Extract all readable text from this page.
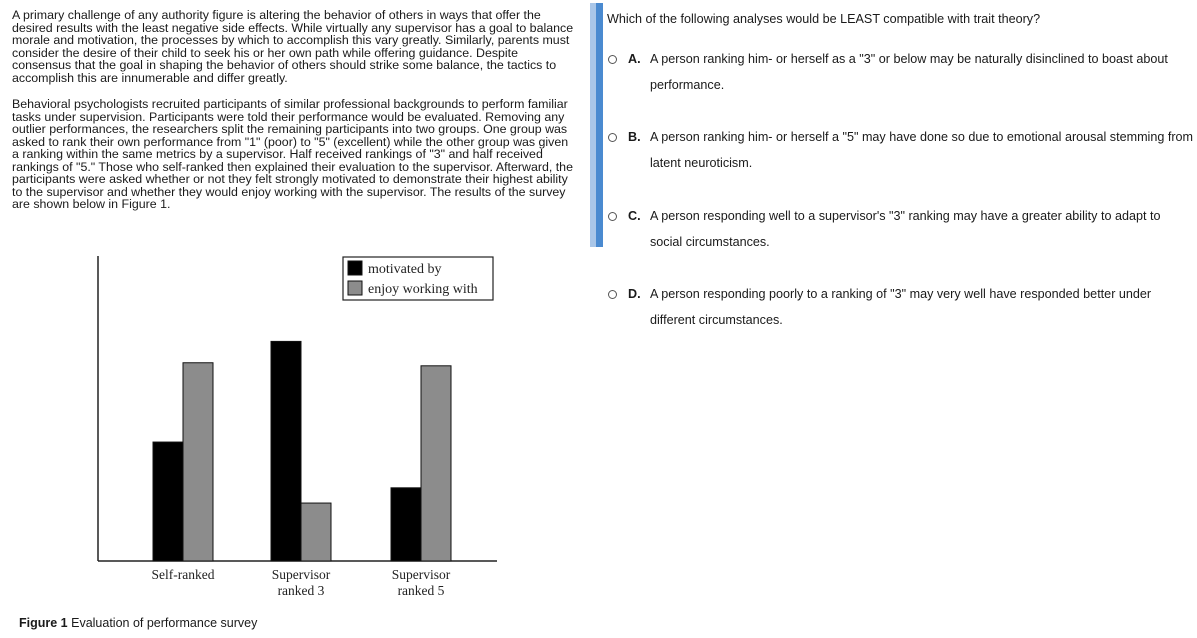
A primary challenge of any authority figure is altering the behavior of others in ways that offer the desired results with the least negative side effects. While virtually any supervisor has a goal to balance morale and motivation, the processes by which to accomplish this vary greatly. Similarly, parents must consider the desire of their child to seek his or her own path while offering guidance. Despite consensus that the goal in shaping the behavior of others should strike some balance, the tactics to accomplish this are innumerable and differ greatly.

Behavioral psychologists recruited participants of similar professional backgrounds to perform familiar tasks under supervision. Participants were told their performance would be evaluated. Removing any outlier performances, the researchers split the remaining participants into two groups. One group was asked to rank their own performance from "1" (poor) to "5" (excellent) while the other group was given a ranking within the same metrics by a supervisor. Half received rankings of "3" and half received rankings of "5." Those who self-ranked then explained their evaluation to the supervisor. Afterward, the participants were asked whether or not they felt strongly motivated to demonstrate their highest ability to the supervisor and whether they would enjoy working with the supervisor. The results of the survey are shown below in Figure 1.

Self-ranked	Supervisor
ranked 3
Supervisor
ranked 5
motivated by
enjoy working with
Figure 1 Evaluation of performance survey
Which of the following analyses would be LEAST compatible with trait theory?
A. A person ranking him- or herself as a "3" or below may be naturally disinclined to boast about performance.
B. A person ranking him- or herself a "5" may have done so due to emotional arousal stemming from latent neuroticism.
C. A person responding well to a supervisor's "3" ranking may have a greater ability to adapt to social circumstances.
D. A person responding poorly to a ranking of "3" may very well have responded better under different circumstances.
